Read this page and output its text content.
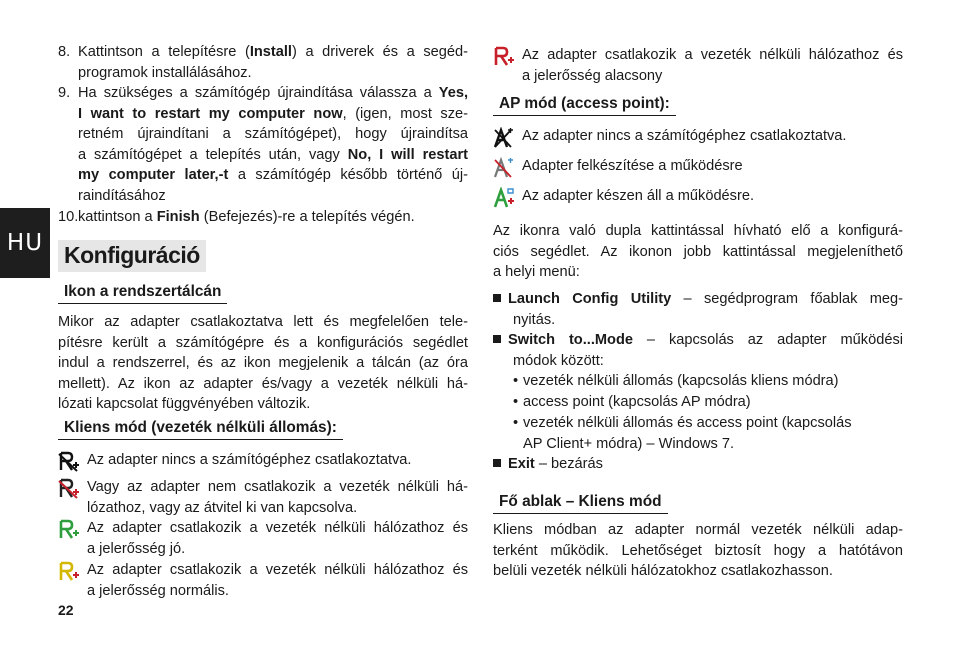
HU
8. Kattintson a telepítésre (Install) a driverek és a segéd-
programok installálásához.
9. Ha szükséges a számítógép újraindítása válassza a Yes,
I want to restart my computer now, (igen, most sze-
retném újraindítani a számítógépet), hogy újraindítsa
a számítógépet a telepítés után, vagy No, I will restart
my computer later,-t a számítógép később történő új-
raindításához
10. kattintson a Finish (Befejezés)-re a telepítés végén.
Konfiguráció
Ikon a rendszertálcán
Mikor az adapter csatlakoztatva lett és megfelelően tele-
pítésre került a számítógépre és a konfigurációs segédlet
indul a rendszerrel, és az ikon megjelenik a tálcán (az óra
mellett). Az ikon az adapter és/vagy a vezeték nélküli há-
lózati kapcsolat függvényében változik.
Kliens mód (vezeték nélküli állomás):
Az adapter nincs a számítógéphez csatlakoztatva.
Vagy az adapter nem csatlakozik a vezeték nélküli há-
lózathoz, vagy az átvitel ki van kapcsolva.
Az adapter csatlakozik a vezeték nélküli hálózathoz és
a jelerősség jó.
Az adapter csatlakozik a vezeték nélküli hálózathoz és
a jelerősség normális.
Az adapter csatlakozik a vezeték nélküli hálózathoz és
a jelerősség alacsony
AP mód (access point):
Az adapter nincs a számítógéphez csatlakoztatva.
Adapter felkészítése a működésre
Az adapter készen áll a működésre.
Az ikonra való dupla kattintással hívható elő a konfigurá-
ciós segédlet. Az ikonon jobb kattintással megjeleníthető
a helyi menü:
Launch Config Utility – segédprogram főablak meg-
nyitás.
Switch to...Mode – kapcsolás az adapter működési
módok között:
• vezeték nélküli állomás (kapcsolás kliens módra)
• access point (kapcsolás AP módra)
• vezeték nélküli állomás és access point (kapcsolás
AP Client+ módra) – Windows 7.
Exit – bezárás
Fő ablak – Kliens mód
Kliens módban az adapter normál vezeték nélküli adap-
terként működik. Lehetőséget biztosít hogy a hatótávon
belüli vezeték nélküli hálózatokhoz csatlakozhasson.
22
